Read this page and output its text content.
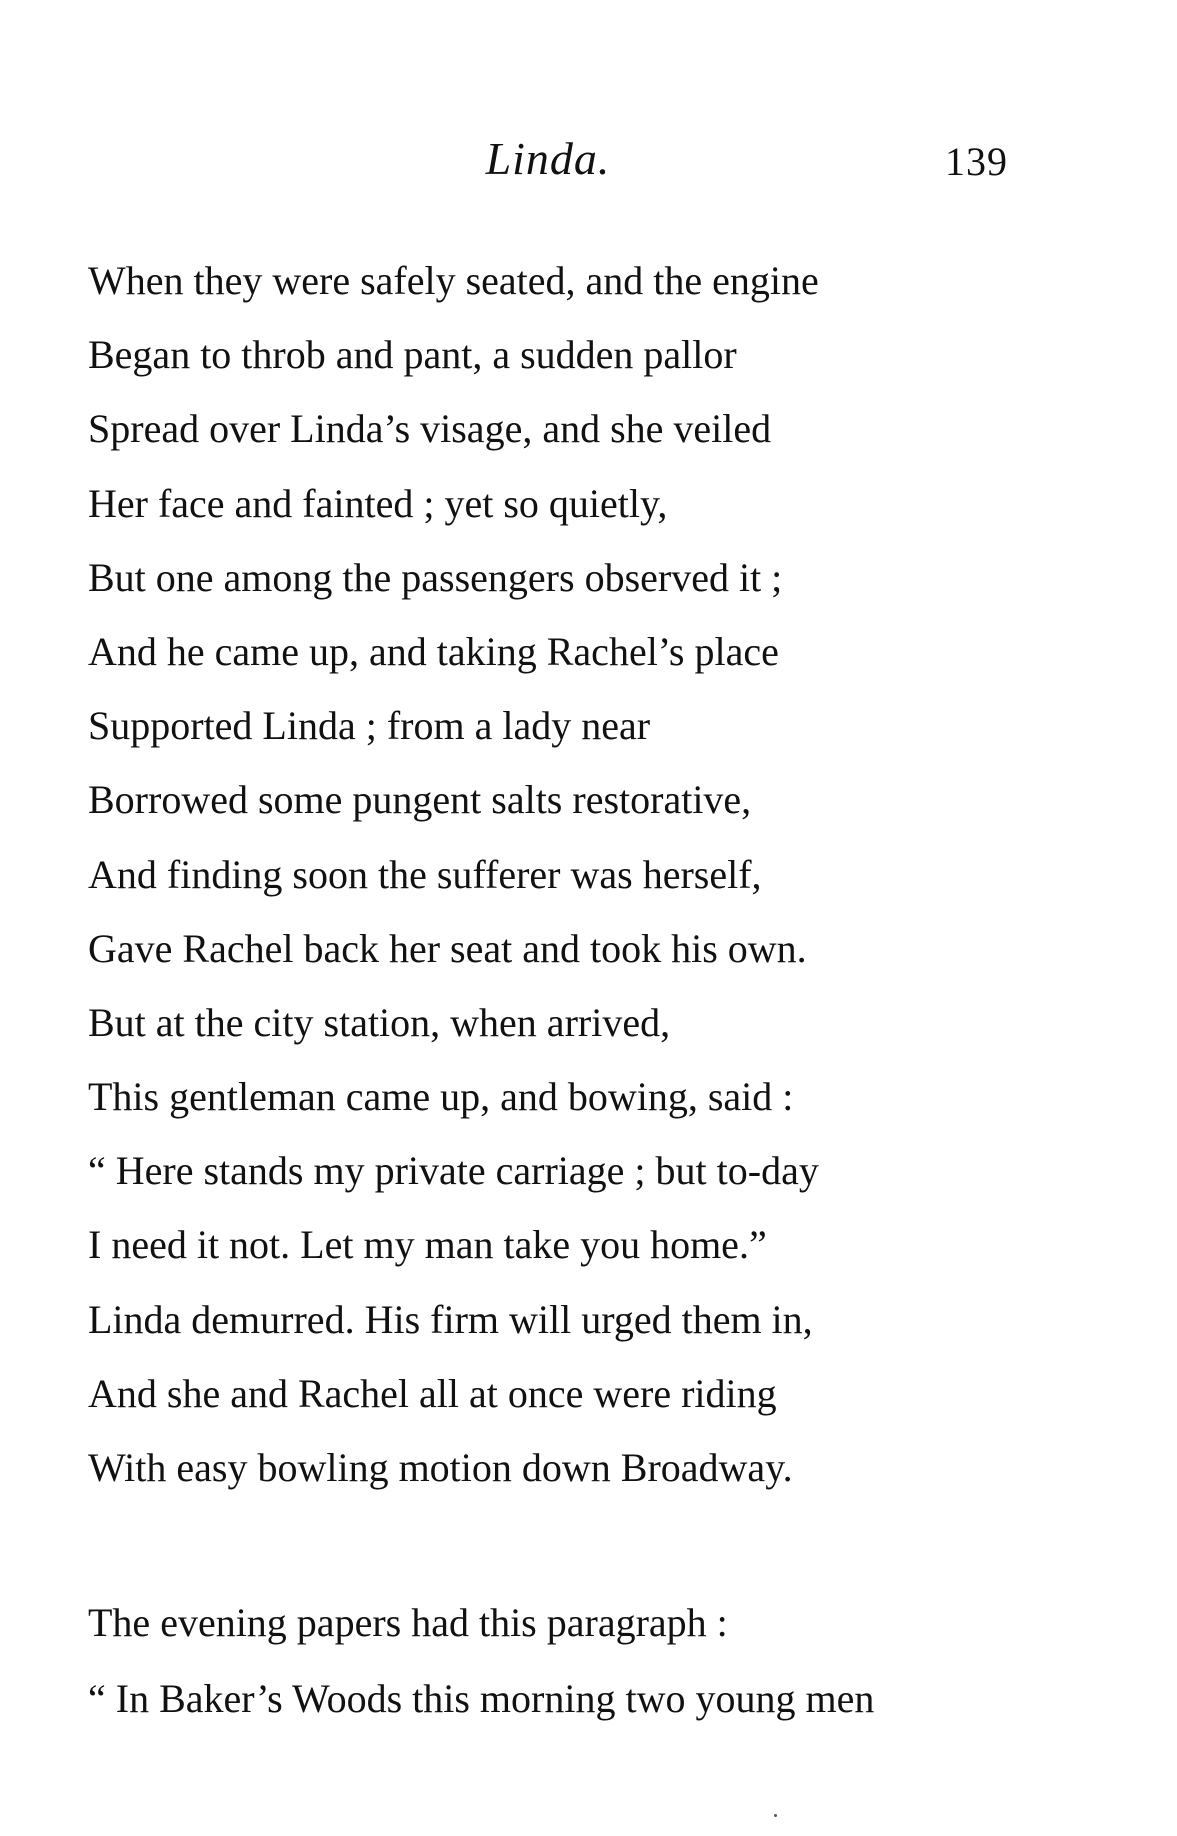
Linda.	139
When they were safely seated, and the engine
Began to throb and pant, a sudden pallor
Spread over Linda’s visage, and she veiled
Her face and fainted ; yet so quietly,
But one among the passengers observed it ;
And he came up, and taking Rachel’s place
Supported Linda ; from a lady near
Borrowed some pungent salts restorative,
And finding soon the sufferer was herself,
Gave Rachel back her seat and took his own.
But at the city station, when arrived,
This gentleman came up, and bowing, said :
“ Here stands my private carriage ; but to-day
I need it not. Let my man take you home.”
Linda demurred. His firm will urged them in,
And she and Rachel all at once were riding
With easy bowling motion down Broadway.
The evening papers had this paragraph :
“ In Baker’s Woods this morning two young men
